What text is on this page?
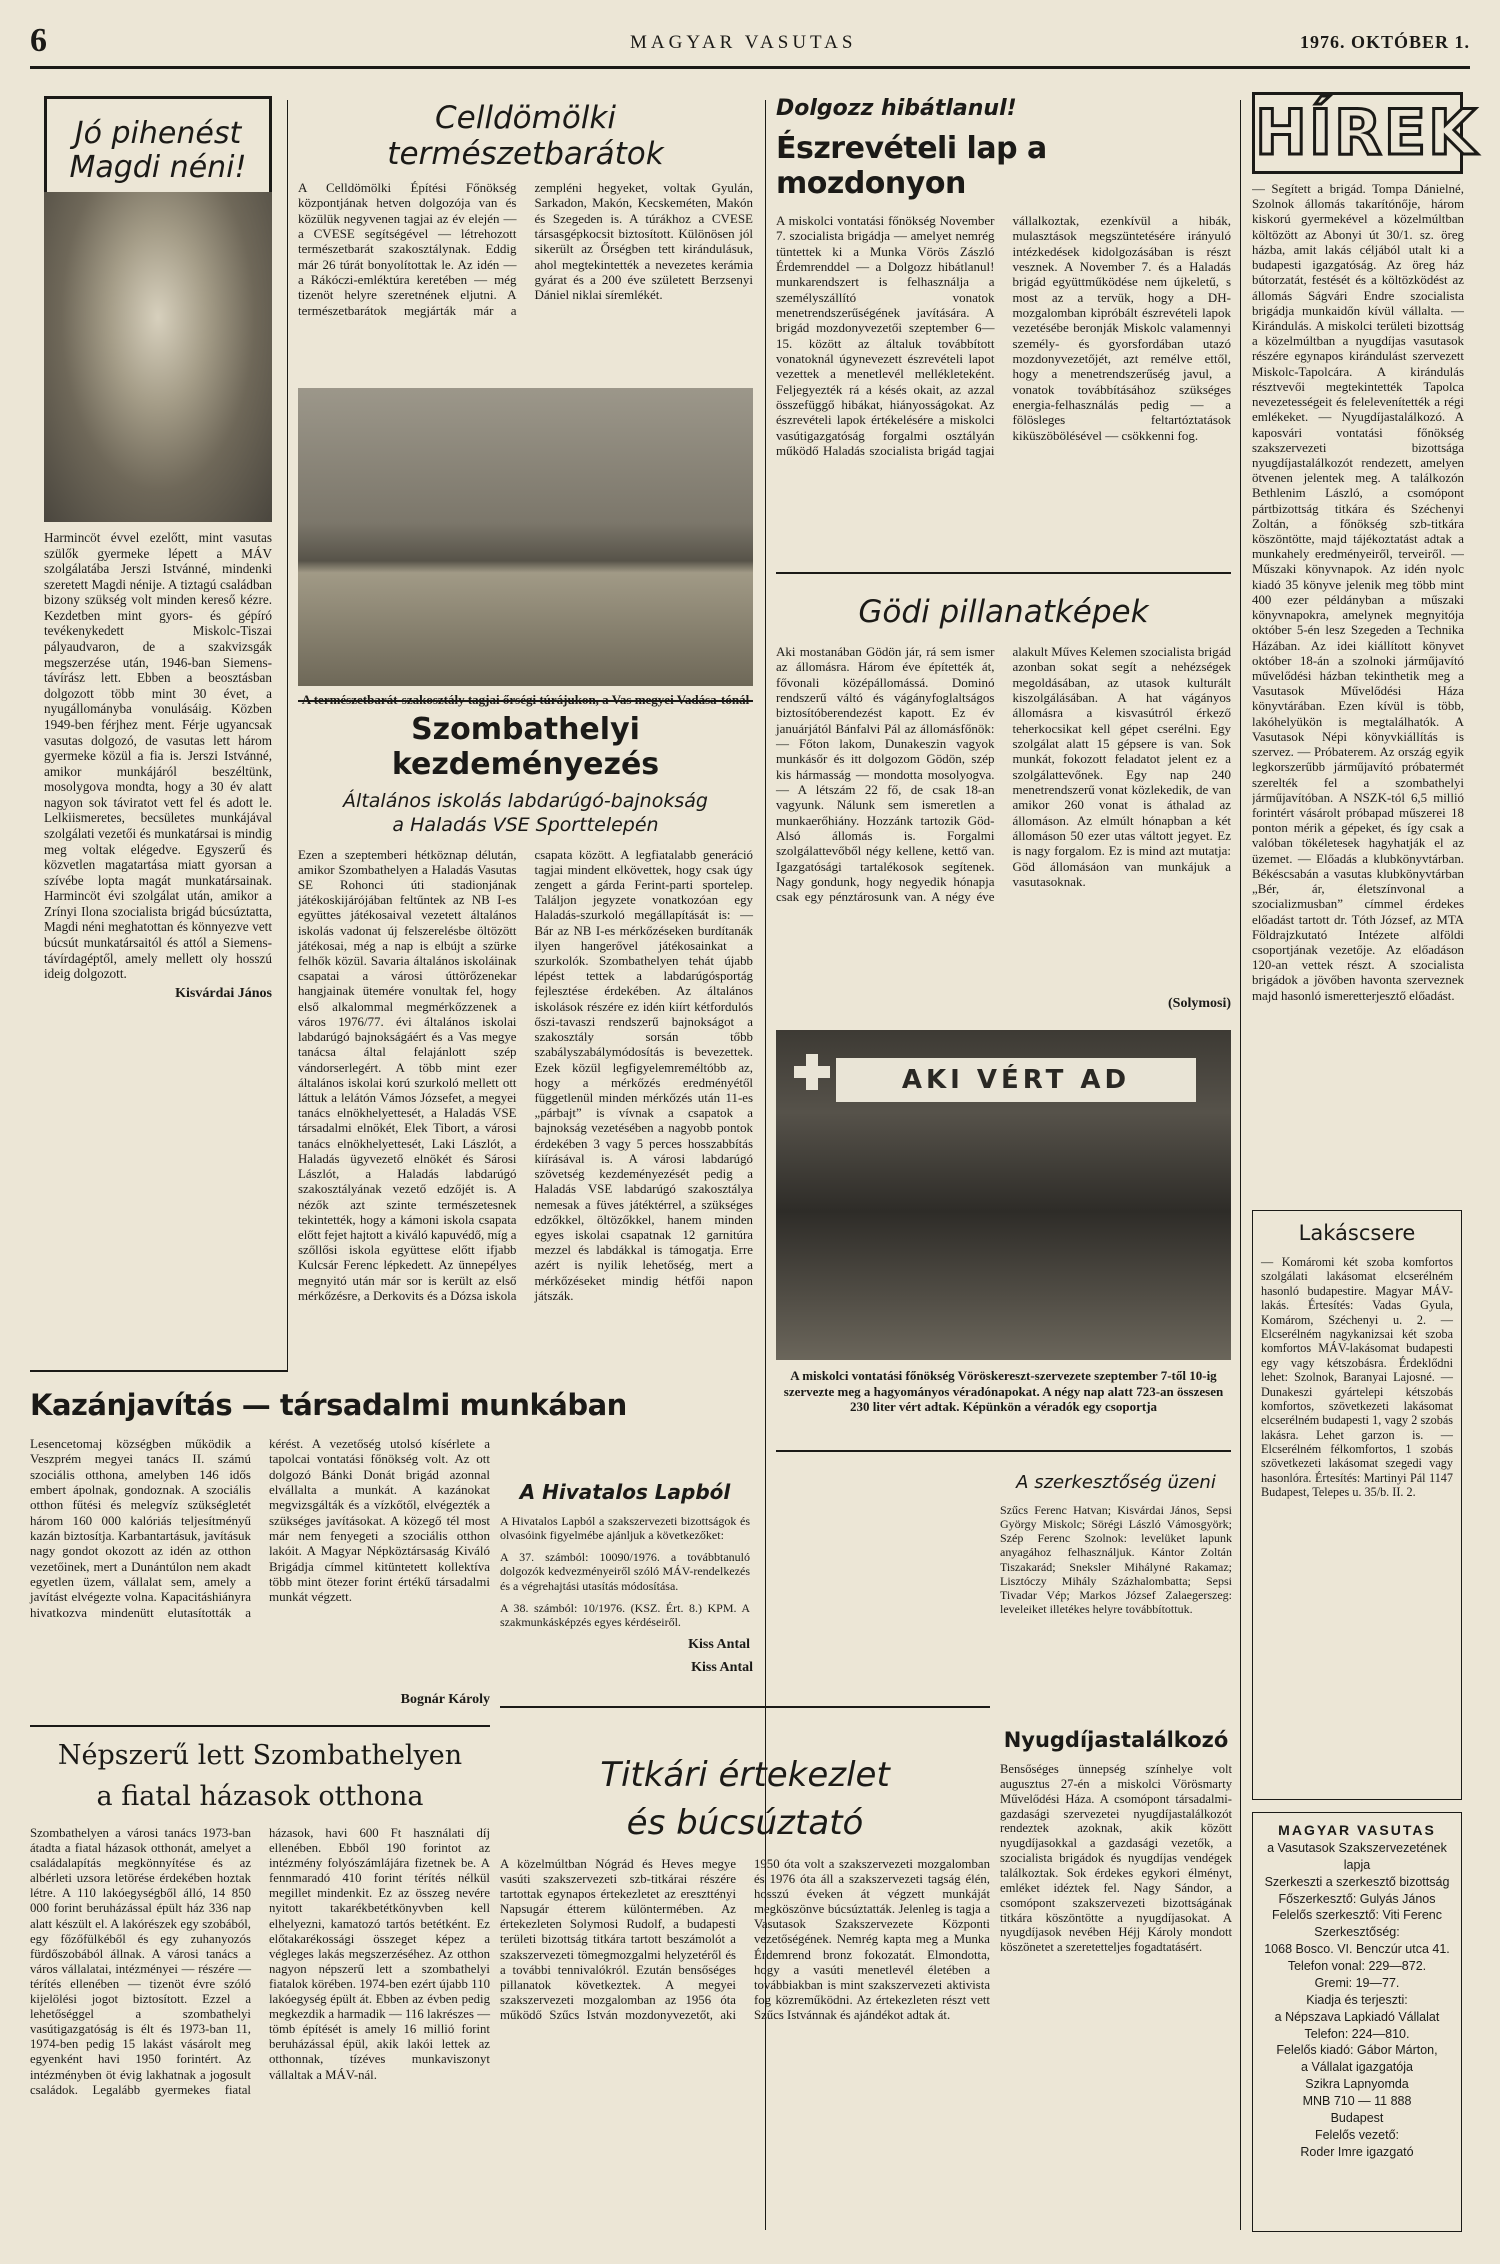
6	MAGYAR VASUTAS	1976. OKTÓBER 1.
Jó pihenést
Magdi néni!
Harmincöt évvel ezelőtt, mint vasutas szülők gyermeke lépett a MÁV szolgálatába Jerszi Istvánné, mindenki szeretett Magdi nénije. A tiztagú családban bizony szükség volt minden kereső kézre. Kezdetben mint gyors- és gépíró tevékenykedett Miskolc-Tiszai pályaudvaron, de a szakvizsgák megszerzése után, 1946-ban Siemens-távírász lett. Ebben a beosztásban dolgozott több mint 30 évet, a nyugállományba vonulásáig. Közben 1949-ben férjhez ment. Férje ugyancsak vasutas dolgozó, de vasutas lett három gyermeke közül a fia is. Jerszi Istvánné, amikor munkájáról beszéltünk, mosolygova mondta, hogy a 30 év alatt nagyon sok táviratot vett fel és adott le. Lelkiismeretes, becsületes munkájával szolgálati vezetői és munkatársai is mindig meg voltak elégedve. Egyszerű és közvetlen magatartása miatt gyorsan a szívébe lopta magát munkatársainak. Harmincöt évi szolgálat után, amikor a Zrínyi Ilona szocialista brigád búcsúztatta, Magdi néni meghatottan és könnyezve vett búcsút munkatársaitól és attól a Siemens-távírdagéptől, amely mellett oly hosszú ideig dolgozott.
Kisvárdai János
Celldömölki természetbarátok
A Celldömölki Építési Főnökség központjának hetven dolgozója van és közülük negyvenen tagjai az év elején — a CVESE segítségével — létrehozott természetbarát szakosztálynak. Eddig már 26 túrát bonyolítottak le. Az idén — a Rákóczi-emléktúra keretében — még tizenöt helyre szeretnének eljutni. A természetbarátok megjárták már a zempléni hegyeket, voltak Gyulán, Sarkadon, Makón, Kecskeméten, Makón és Szegeden is. A túrákhoz a CVESE társasgépkocsit biztosított. Különösen jól sikerült az Őrségben tett kirándulásuk, ahol megtekintették a nevezetes kerámia gyárat és a 200 éve született Berzsenyi Dániel niklai síremlékét.
Szombathelyi kezdeményezés
Általános iskolás labdarúgó-bajnokság
a Haladás VSE Sporttelepén
Ezen a szeptemberi hétköznap délután, amikor Szombathelyen a Haladás Vasutas SE Rohonci úti stadionjának játékoskijárójában feltűntek az NB I-es együttes játékosaival vezetett általános iskolás vadonat új felszerelésbe öltözött játékosai, még a nap is elbújt a szürke felhők közül. Savaria általános iskoláinak csapatai a városi úttörőzenekar hangjainak ütemére vonultak fel, hogy első alkalommal megmérkőzzenek a város 1976/77. évi általános iskolai labdarúgó bajnokságáért és a Vas megye tanácsa által felajánlott szép vándorserlegért. A több mint ezer általános iskolai korú szurkoló mellett ott láttuk a lelátón Vámos Józsefet, a megyei tanács elnökhelyettesét, a Haladás VSE társadalmi elnökét, Elek Tibort, a városi tanács elnökhelyettesét, Laki Lászlót, a Haladás ügyvezető elnökét és Sárosi Lászlót, a Haladás labdarúgó szakosztályának vezető edzőjét is. A nézők azt szinte természetesnek tekintették, hogy a kámoni iskola csapata előtt fejet hajtott a kiváló kapuvédő, míg a szőllősi iskola együttese előtt ifjabb Kulcsár Ferenc lépkedett. Az ünnepélyes megnyitó után már sor is került az első mérkőzésre, a Derkovits és a Dózsa iskola csapata között. A legfiatalabb generáció tagjai mindent elkövettek, hogy csak úgy zengett a gárda Ferint-parti sportelep. Találjon jegyzete vonatkozóan egy Haladás-szurkoló megállapítását is: — Bár az NB I-es mérkőzéseken burdítanák ilyen hangerővel játékosainkat a szurkolók. Szombathelyen tehát újabb lépést tettek a labdarúgósportág fejlesztése érdekében. Az általános iskolások részére ez idén kiírt kétfordulós őszi-tavaszi rendszerű bajnokságot a szakosztály sorsán tőbb szabályszabálymódosítás is bevezettek. Ezek közül legfigyelemreméltóbb az, hogy a mérkőzés eredményétől függetlenül minden mérkőzés után 11-es „párbajt” is vívnak a csapatok a bajnokság vezetésében a nagyobb pontok érdekében 3 vagy 5 perces hosszabbítás kiírásával is. A városi labdarúgó szövetség kezdeményezését pedig a Haladás VSE labdarúgó szakosztálya nemesak a füves játéktérrel, a szükséges edzőkkel, öltözőkkel, hanem minden egyes iskolai csapatnak 12 garnitúra mezzel és labdákkal is támogatja. Erre azért is nyilik lehetőség, mert a mérkőzéseket mindig hétfői napon játszák.
Kiss Antal
Kazánjavítás — társadalmi munkában
Lesencetomaj községben működik a Veszprém megyei tanács II. számú szociális otthona, amelyben 146 idős embert ápolnak, gondoznak. A szociális otthon fűtési és melegvíz szükségletét három 160 000 kalóriás teljesítményű kazán biztosítja. Karbantartásuk, javításuk nagy gondot okozott az idén az otthon vezetőinek, mert a Dunántúlon nem akadt egyetlen üzem, vállalat sem, amely a javítást elvégezte volna. Kapacitáshiányra hivatkozva mindenütt elutasították a kérést. A vezetőség utolsó kísérlete a tapolcai vontatási főnökség volt. Az ott dolgozó Bánki Donát brigád azonnal elvállalta a munkát. A kazánokat megvizsgálták és a vízkőtől, elvégezték a szükséges javításokat. A közegő tél most már nem fenyegeti a szociális otthon lakóit. A Magyar Népköztársaság Kiváló Brigádja címmel kitüntetett kollektíva több mint ötezer forint értékű társadalmi munkát végzett.
Bognár Károly
Népszerű lett Szombathelyen
a fiatal házasok otthona
Szombathelyen a városi tanács 1973-ban átadta a fiatal házasok otthonát, amelyet a családalapítás megkönnyítése és az albérleti uzsora letörése érdekében hoztak létre. A 110 lakóegységből álló, 14 850 000 forint beruházással épült ház 336 nap alatt készült el. A lakórészek egy szobából, egy főzőfülkéből és egy zuhanyozós fürdőszobából állnak. A városi tanács a város vállalatai, intézményei — részére — térítés ellenében — tizenöt évre szóló kijelölési jogot biztosított. Ezzel a lehetőséggel a szombathelyi vasútigazgatóság is élt és 1973-ban 11, 1974-ben pedig 15 lakást vásárolt meg egyenként havi 1950 forintért. Az intézményben öt évig lakhatnak a jogosult családok. Legalább gyermekes fiatal házasok, havi 600 Ft használati díj ellenében. Ebből 190 forintot az intézmény folyószámlájára fizetnek be. A fennmaradó 410 forint térítés nélkül megillet mindenkit. Ez az összeg nevére nyitott takarékbetétkönyvben kell elhelyezni, kamatozó tartós betétként. Ez előtakarékossági összeget képez a végleges lakás megszerzéséhez. Az otthon nagyon népszerű lett a szombathelyi fiatalok körében. 1974-ben ezért újabb 110 lakóegység épült át. Ebben az évben pedig megkezdik a harmadik — 116 lakrészes — tömb építését is amely 16 millió forint beruházással épül, akik lakói lettek az otthonnak, tízéves munkaviszonyt vállaltak a MÁV-nál.
Dolgozz hibátlanul!
Észrevételi lap a mozdonyon
A miskolci vontatási főnökség November 7. szocialista brigádja — amelyet nemrég tüntettek ki a Munka Vörös Zászló Érdemrenddel — a Dolgozz hibátlanul! munkarendszert is felhasználja a személyszállító vonatok menetrendszerűségének javítására. A brigád mozdonyvezetői szeptember 6—15. között az általuk továbbított vonatoknál úgynevezett észrevételi lapot vezettek a menetlevél mellékleteként. Feljegyezték rá a késés okait, az azzal összefüggő hibákat, hiányosságokat. Az észrevételi lapok értékelésére a miskolci vasútigazgatóság forgalmi osztályán működő Haladás szocialista brigád tagjai vállalkoztak, ezenkívül a hibák, mulasztások megszüntetésére irányuló intézkedések kidolgozásában is részt vesznek. A November 7. és a Haladás brigád együttműködése nem újkeletű, s most az a tervük, hogy a DH-mozgalomban kipróbált észrevételi lapok vezetésébe beronják Miskolc valamennyi személy- és gyorsfordában utazó mozdonyvezetőjét, azt remélve ettől, hogy a menetrendszerűség javul, a vonatok továbbításához szükséges energia-felhasználás pedig — a fölösleges feltartóztatások kiküszöbölésével — csökkenni fog.
Gödi pillanatképek
Aki mostanában Gödön jár, rá sem ismer az állomásra. Három éve építették át, fővonali középállomássá. Dominó rendszerű váltó és vágányfoglaltságos biztosítóberendezést kapott. Ez év januárjától Bánfalvi Pál az állomásfőnök: — Főton lakom, Dunakeszin vagyok munkásőr és itt dolgozom Gödön, szép kis hármasság — mondotta mosolyogva. — A létszám 22 fő, de csak 18-an vagyunk. Nálunk sem ismeretlen a munkaerőhiány. Hozzánk tartozik Göd-Alsó állomás is. Forgalmi szolgálattevőből négy kellene, kettő van. Igazgatósági tartalékosok segítenek. Nagy gondunk, hogy negyedik hónapja csak egy pénztárosunk van. A négy éve alakult Műves Kelemen szocialista brigád azonban sokat segít a nehézségek megoldásában, az utasok kulturált kiszolgálásában. A hat vágányos állomásra a kisvasútról érkező teherkocsikat kell gépet cserélni. Egy szolgálat alatt 15 gépsere is van. Sok munkát, fokozott feladatot jelent ez a szolgálattevőnek. Egy nap 240 menetrendszerű vonat közlekedik, de van amikor 260 vonat is áthalad az állomáson. Az elmúlt hónapban a két állomáson 50 ezer utas váltott jegyet. Ez is nagy forgalom. Ez is mind azt mutatja: Göd állomásáon van munkájuk a vasutasoknak.
(Solymosi)
AKI VÉRT AD
A miskolci vontatási főnökség Vöröskereszt-szervezete szeptember 7-től 10-ig szervezte meg a hagyományos véradónapokat. A négy nap alatt 723-an összesen 230 liter vért adtak. Képünkön a véradók egy csoportja
A Hivatalos Lapból
A Hivatalos Lapból a szakszervezeti bizottságok és olvasóink figyelmébe ajánljuk a következőket:
A 37. számból: 10090/1976. a továbbtanuló dolgozók kedvezményeiről szóló MÁV-rendelkezés és a végrehajtási utasítás módosítása.
A 38. számból: 10/1976. (KSZ. Ért. 8.) KPM. A szakmunkásképzés egyes kérdéseiről.
Kiss Antal
A szerkesztőség üzeni
Szűcs Ferenc Hatvan; Kisvárdai János, Sepsi György Miskolc; Sörégi László Vámosgyörk; Szép Ferenc Szolnok: levelüket lapunk anyagához felhasználjuk. Kántor Zoltán Tiszakarád; Sneksler Mihályné Rakamaz; Lisztóczy Mihály Százhalombatta; Sepsi Tivadar Vép; Markos József Zalaegerszeg: leveleiket illetékes helyre továbbítottuk.
Nyugdíjastalálkozó
Bensőséges ünnepség színhelye volt augusztus 27-én a miskolci Vörösmarty Művelődési Háza. A csomópont társadalmi-gazdasági szervezetei nyugdíjastalálkozót rendeztek azoknak, akik között nyugdíjasokkal a gazdasági vezetők, a szocialista brigádok és nyugdíjas vendégek találkoztak. Sok érdekes egykori élményt, emléket idéztek fel. Nagy Sándor, a csomópont szakszervezeti bizottságának titkára köszöntötte a nyugdíjasokat. A nyugdíjasok nevében Héjj Károly mondott köszönetet a szeretetteljes fogadtatásért.
Titkári értekezlet
és búcsúztató
A közelmúltban Nógrád és Heves megye vasúti szakszervezeti szb-titkárai részére tartottak egynapos értekezletet az ereszttényi Napsugár étterem különtermében. Az értekezleten Solymosi Rudolf, a budapesti területi bizottság titkára tartott beszámolót a szakszervezeti tömegmozgalmi helyzetéről és a további tennivalókról. Ezután bensőséges pillanatok következtek. A megyei szakszervezeti mozgalomban az 1956 óta működő Szűcs István mozdonyvezetőt, aki 1950 óta volt a szakszervezeti mozgalomban és 1976 óta áll a szakszervezeti tagság élén, hosszú éveken át végzett munkáját megköszönve búcsúztatták. Jelenleg is tagja a Vasutasok Szakszervezete Központi vezetőségének. Nemrég kapta meg a Munka Érdemrend bronz fokozatát. Elmondotta, hogy a vasúti menetlevél életében a továbbiakban is mint szakszervezeti aktivista fog közreműködni. Az értekezleten részt vett Szűcs Istvánnak és ajándékot adtak át.
HÍREK
— Segített a brigád. Tompa Dánielné, Szolnok állomás takarítónője, három kiskorú gyermekével a közelmúltban költözött az Abonyi út 30/1. sz. öreg házba, amit lakás céljából utalt ki a budapesti igazgatóság. Az öreg ház bútorzatát, festését és a költözködést az állomás Ságvári Endre szocialista brigádja munkaidőn kívül vállalta. — Kirándulás. A miskolci területi bizottság a közelmúltban a nyugdíjas vasutasok részére egynapos kirándulást szervezett Miskolc-Tapolcára. A kirándulás résztvevői megtekintették Tapolca nevezetességeit és felelevenítették a régi emlékeket. — Nyugdíjastalálkozó. A kaposvári vontatási főnökség szakszervezeti bizottsága nyugdíjastalálkozót rendezett, amelyen ötvenen jelentek meg. A találkozón Bethlenim László, a csomópont pártbizottság titkára és Széchenyi Zoltán, a főnökség szb-titkára köszöntötte, majd tájékoztatást adtak a munkahely eredményeiről, terveiről. — Műszaki könyvnapok. Az idén nyolc kiadó 35 könyve jelenik meg több mint 400 ezer példányban a műszaki könyvnapokra, amelynek megnyitója október 5-én lesz Szegeden a Technika Házában. Az idei kiállított könyvet október 18-án a szolnoki járműjavító művelődési házban tekinthetik meg a Vasutasok Művelődési Háza könyvtárában. Ezen kívül is több, lakóhelyükön is megtalálhatók. A Vasutasok Népi könyvkiállítás is szervez. — Próbaterem. Az ország egyik legkorszerűbb járműjavító próbatermét szerelték fel a szombathelyi járműjavítóban. A NSZK-tól 6,5 millió forintért vásárolt próbapad műszerei 18 ponton mérik a gépeket, és így csak a valóban tökéletesek hagyhatják el az üzemet. — Előadás a klubkönyvtárban. Békéscsabán a vasutas klubkönyvtárban „Bér, ár, életszínvonal a szocializmusban” címmel érdekes előadást tartott dr. Tóth József, az MTA Földrajzkutató Intézete alföldi csoportjának vezetője. Az előadáson 120-an vettek részt. A szocialista brigádok a jövőben havonta szerveznek majd hasonló ismeretterjesztő előadást.
Lakáscsere
— Komáromi két szoba komfortos szolgálati lakásomat elcserélném hasonló budapestire. Magyar MÁV-lakás. Értesítés: Vadas Gyula, Komárom, Széchenyi u. 2. — Elcserélném nagykanizsai két szoba komfortos MÁV-lakásomat budapesti egy vagy kétszobásra. Érdeklődni lehet: Szolnok, Baranyai Lajosné. — Dunakeszi gyártelepi kétszobás komfortos, szövetkezeti lakásomat elcserélném budapesti 1, vagy 2 szobás lakásra. Lehet garzon is. — Elcserélném félkomfortos, 1 szobás szövetkezeti lakásomat szegedi vagy hasonlóra. Értesítés: Martinyi Pál 1147 Budapest, Telepes u. 35/b. II. 2.
MAGYAR VASUTAS
a Vasutasok Szakszervezetének lapja
Szerkeszti a szerkesztő bizottság
Főszerkesztő: Gulyás János
Felelős szerkesztő: Viti Ferenc
Szerkesztőség:
1068 Bosco. VI. Benczúr utca 41.
Telefon vonal: 229—872.
Gremi: 19—77.
Kiadja és terjeszti:
a Népszava Lapkiadó Vállalat
Telefon: 224—810.
Felelős kiadó: Gábor Márton,
a Vállalat igazgatója
Szikra Lapnyomda
MNB 710 — 11 888
Budapest
Felelős vezető:
Roder Imre igazgató
